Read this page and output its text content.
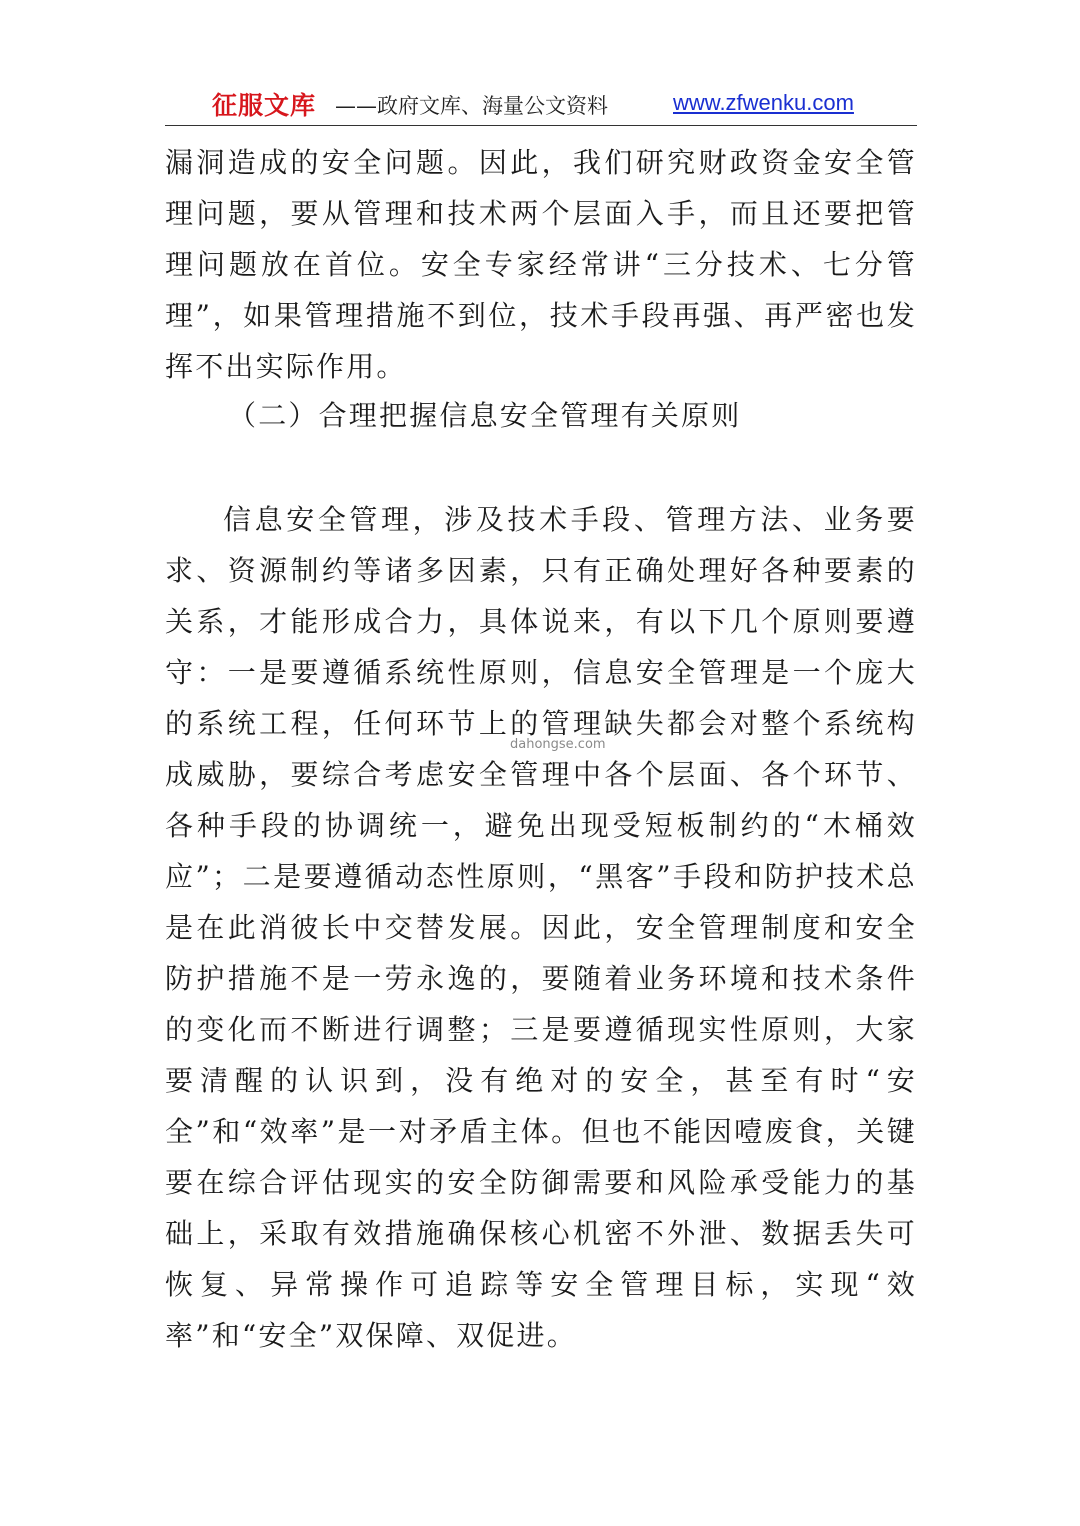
征服文库 ——政府文库、海量公文资料	www.zfwenku.com

漏洞造成的安全问题。因此，我们研究财政资金安全管理问题，要从管理和技术两个层面入手，而且还要把管理问题放在首位。安全专家经常讲“三分技术、七分管理”，如果管理措施不到位，技术手段再强、再严密也发挥不出实际作用。

（二）合理把握信息安全管理有关原则

信息安全管理，涉及技术手段、管理方法、业务要求、资源制约等诸多因素，只有正确处理好各种要素的关系，才能形成合力，具体说来，有以下几个原则要遵守：一是要遵循系统性原则，信息安全管理是一个庞大的系统工程，任何环节上的管理缺失都会对整个系统构成威胁，要综合考虑安全管理中各个层面、各个环节、各种手段的协调统一，避免出现受短板制约的“木桶效应”；二是要遵循动态性原则，“黑客”手段和防护技术总是在此消彼长中交替发展。因此，安全管理制度和安全防护措施不是一劳永逸的，要随着业务环境和技术条件的变化而不断进行调整；三是要遵循现实性原则，大家要清醒的认识到，没有绝对的安全，甚至有时“安全”和“效率”是一对矛盾主体。但也不能因噎废食，关键要在综合评估现实的安全防御需要和风险承受能力的基础上，采取有效措施确保核心机密不外泄、数据丢失可恢复、异常操作可追踪等安全管理目标，实现“效率”和“安全”双保障、双促进。

dahongse.com
